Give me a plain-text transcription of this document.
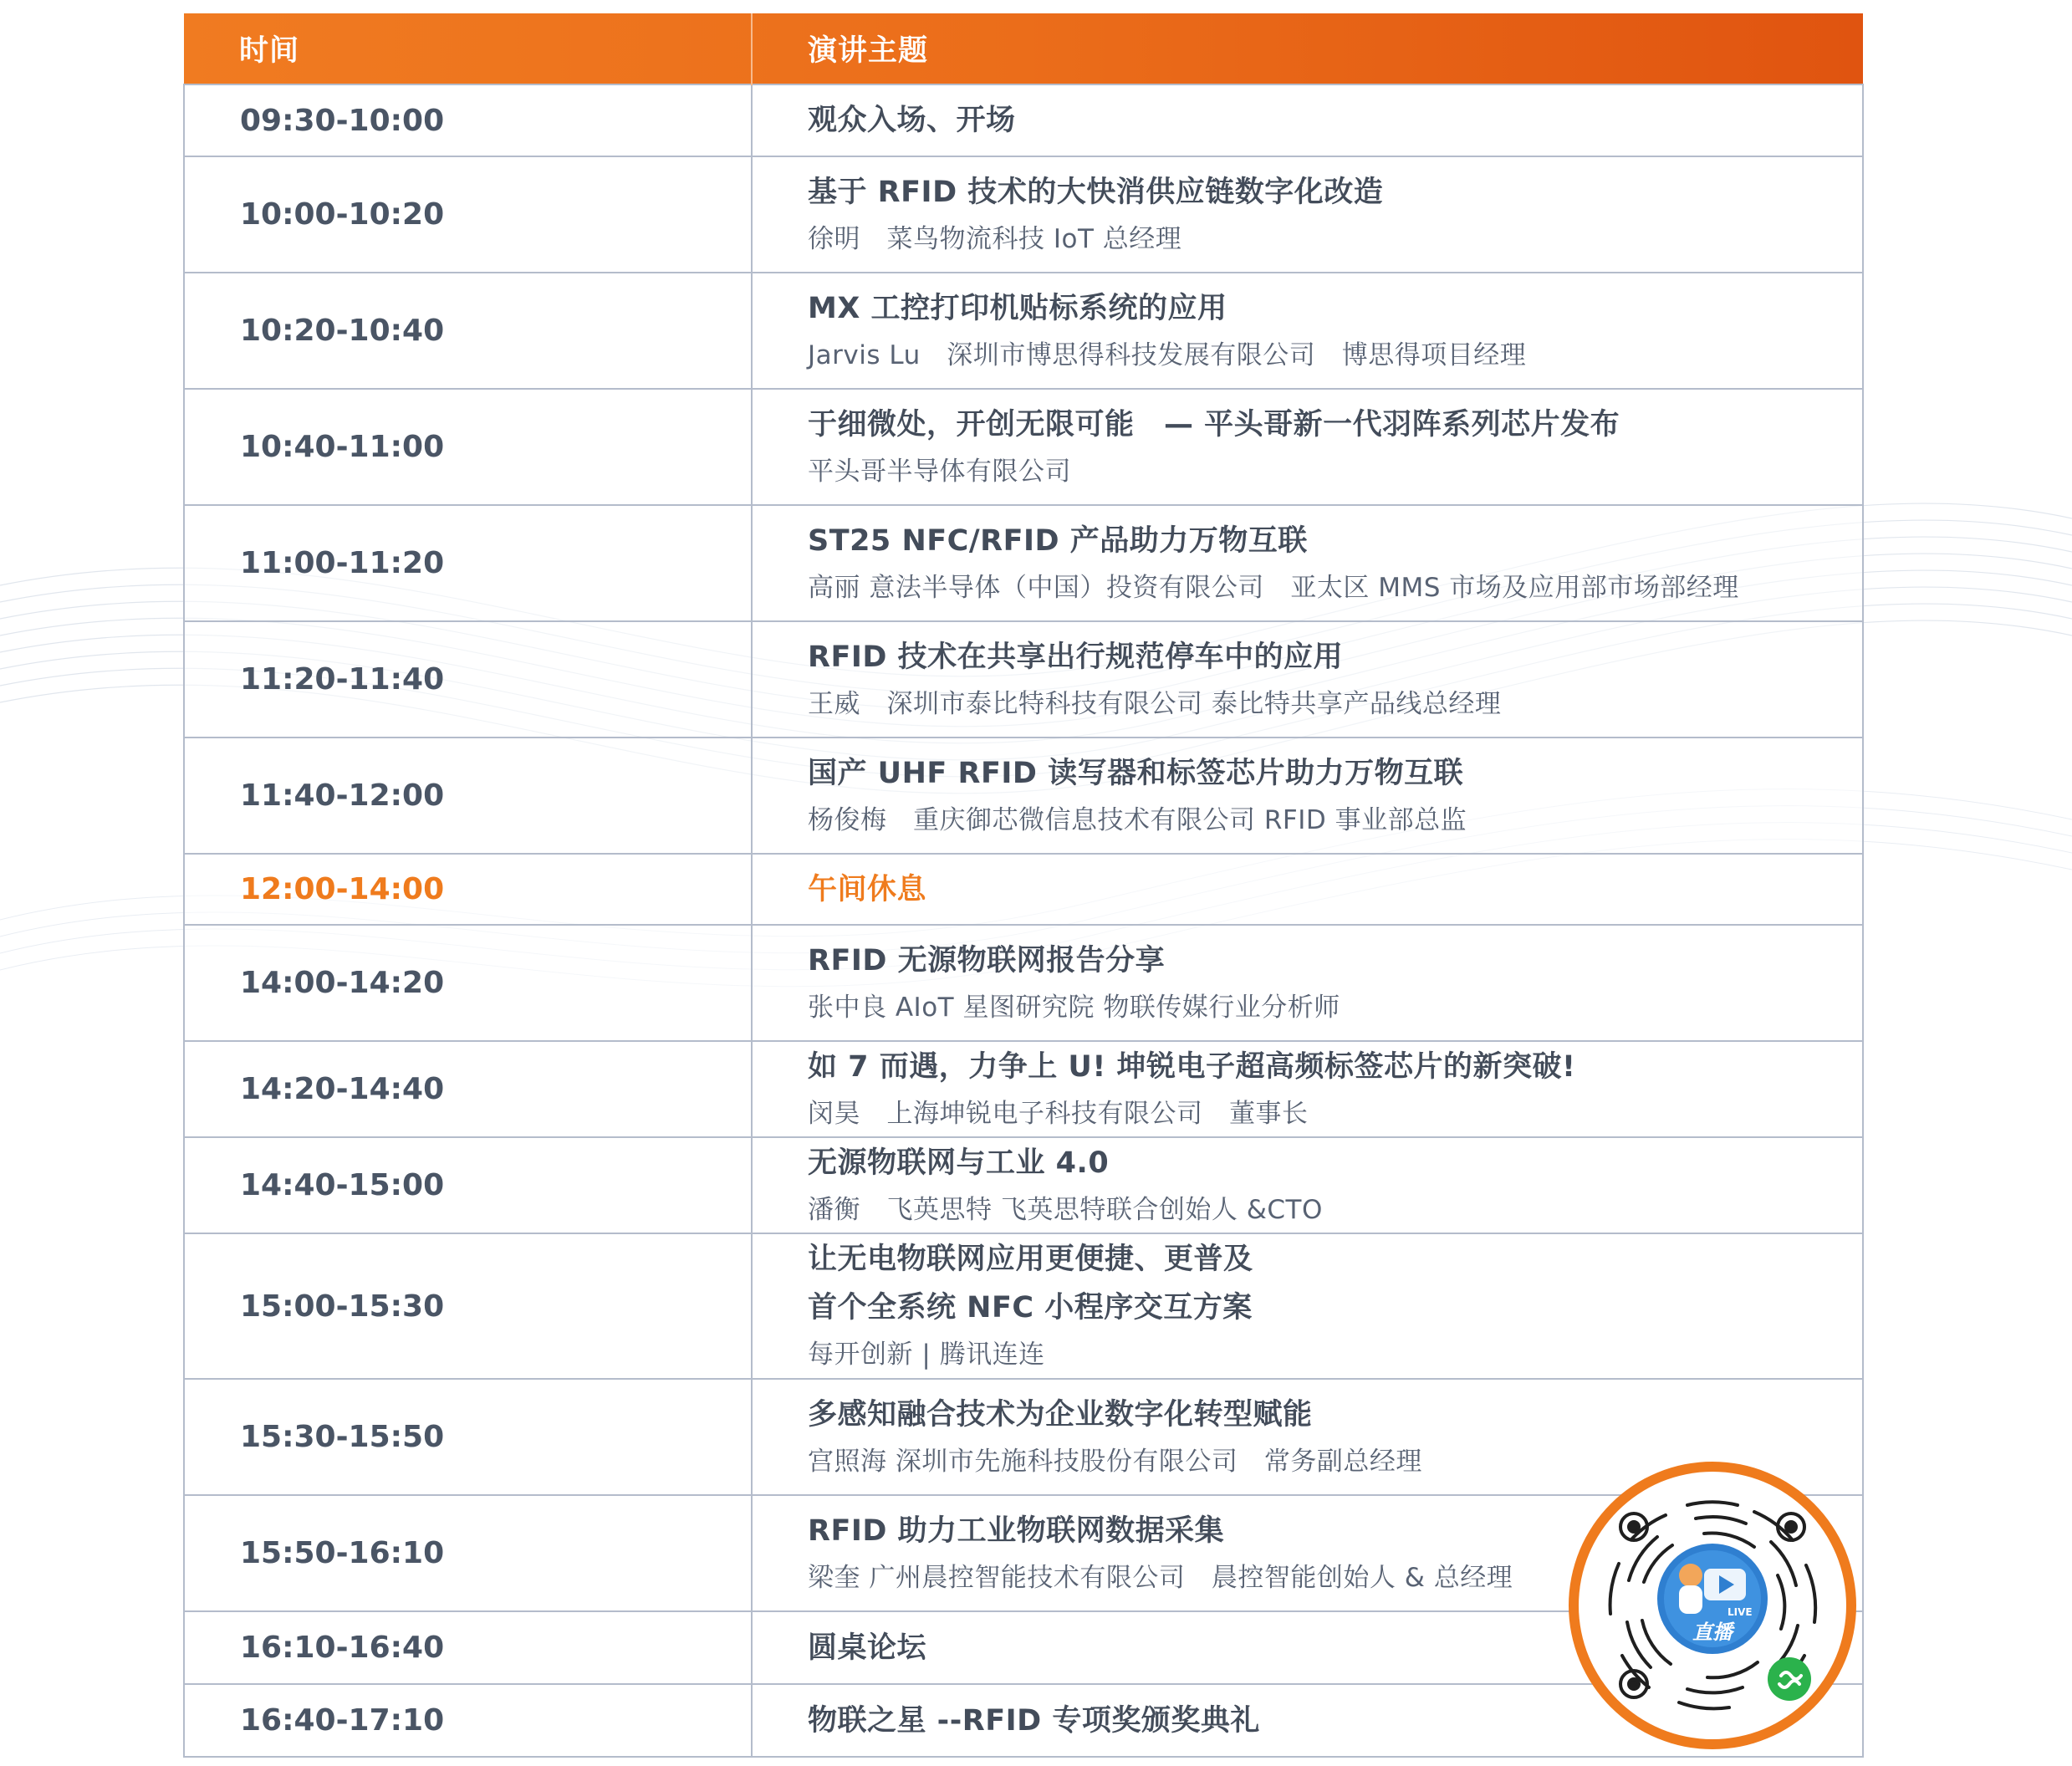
时间	演讲主题
09:30-10:00	观众入场、开场

10:00-10:20	基于 RFID 技术的大快消供应链数字化改造
徐明　菜鸟物流科技 IoT 总经理

10:20-10:40	MX 工控打印机贴标系统的应用
Jarvis Lu　深圳市博思得科技发展有限公司　博思得项目经理

10:40-11:00	于细微处，开创无限可能　— 平头哥新一代羽阵系列芯片发布
平头哥半导体有限公司

11:00-11:20	ST25 NFC/RFID 产品助力万物互联
高丽 意法半导体（中国）投资有限公司　亚太区 MMS 市场及应用部市场部经理

11:20-11:40	RFID 技术在共享出行规范停车中的应用
王威　深圳市泰比特科技有限公司 泰比特共享产品线总经理

11:40-12:00	国产 UHF RFID 读写器和标签芯片助力万物互联
杨俊梅　重庆御芯微信息技术有限公司 RFID 事业部总监

12:00-14:00	午间休息

14:00-14:20	RFID 无源物联网报告分享
张中良 AIoT 星图研究院 物联传媒行业分析师

14:20-14:40	如 7 而遇，力争上 U! 坤锐电子超高频标签芯片的新突破!
闵昊　上海坤锐电子科技有限公司　董事长

14:40-15:00	无源物联网与工业 4.0
潘衡　飞英思特 飞英思特联合创始人 &CTO

15:00-15:30	让无电物联网应用更便捷、更普及
首个全系统 NFC 小程序交互方案
每开创新 | 腾讯连连

15:30-15:50	多感知融合技术为企业数字化转型赋能
宫照海 深圳市先施科技股份有限公司　常务副总经理

15:50-16:10	RFID 助力工业物联网数据采集
梁奎 广州晨控智能技术有限公司　晨控智能创始人 & 总经理

16:10-16:40	圆桌论坛

16:40-17:10	物联之星 --RFID 专项奖颁奖典礼
LIVE
直播
